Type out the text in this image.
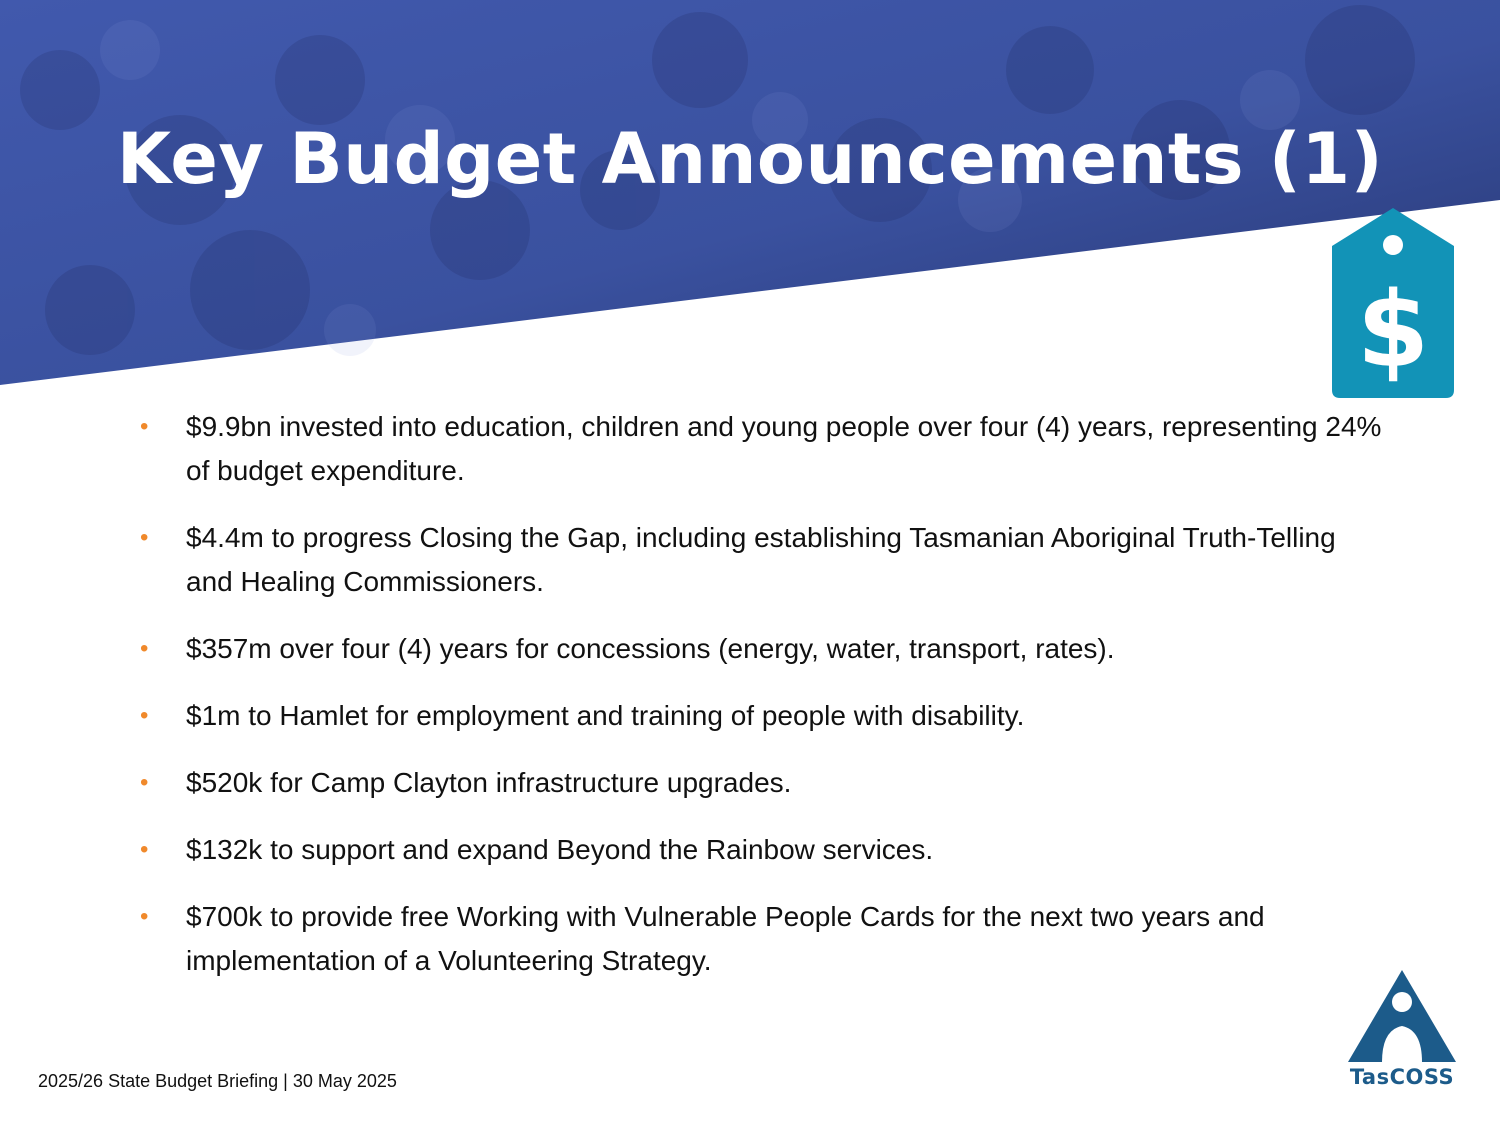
Key Budget Announcements (1)
$
• $9.9bn invested into education, children and young people over four (4) years, representing 24% of budget expenditure.
• $4.4m to progress Closing the Gap, including establishing Tasmanian Aboriginal Truth-Telling and Healing Commissioners.
• $357m over four (4) years for concessions (energy, water, transport, rates).
• $1m to Hamlet for employment and training of people with disability.
• $520k for Camp Clayton infrastructure upgrades.
• $132k to support and expand Beyond the Rainbow services.
• $700k to provide free Working with Vulnerable People Cards for the next two years and implementation of a Volunteering Strategy.
2025/26 State Budget Briefing | 30 May 2025	TasCOSS
